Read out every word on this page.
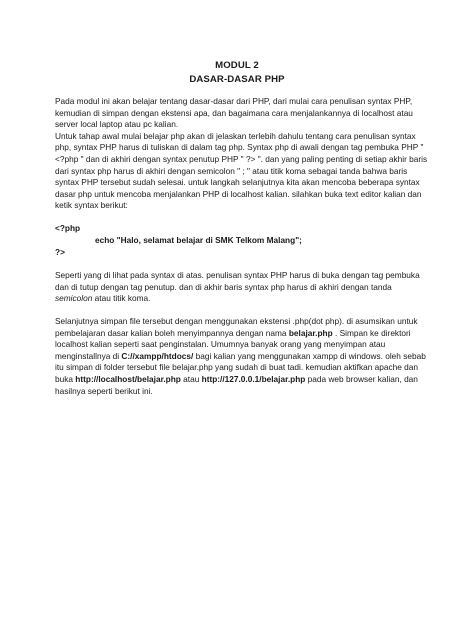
MODUL 2
DASAR-DASAR PHP
Pada modul ini akan belajar tentang dasar-dasar dari PHP, dari mulai cara penulisan syntax PHP, kemudian di simpan dengan ekstensi apa, dan bagaimana cara menjalankannya di localhost atau server local laptop atau pc kalian.
Untuk tahap awal mulai belajar php akan di jelaskan terlebih dahulu tentang cara penulisan syntax php, syntax PHP harus di tuliskan di dalam tag php. Syntax php di awali dengan tag pembuka PHP " <?php " dan di akhiri dengan syntax penutup PHP " ?> ". dan yang paling penting di setiap akhir baris dari syntax php harus di akhiri dengan semicolon " ; " atau titik koma sebagai tanda bahwa baris syntax PHP tersebut sudah selesai. untuk langkah selanjutnya kita akan mencoba beberapa syntax dasar php untuk mencoba menjalankan PHP di localhost kalian. silahkan buka text editor kalian dan ketik syntax berikut:
<?php
echo "Halo, selamat belajar di SMK Telkom Malang";
?>
Seperti yang di lihat pada syntax di atas. penulisan syntax PHP harus di buka dengan tag pembuka dan di tutup dengan tag penutup. dan di akhir baris syntax php harus di akhiri dengan tanda semicolon atau titik koma.
Selanjutnya simpan file tersebut dengan menggunakan ekstensi .php(dot php). di asumsikan untuk pembelajaran dasar kalian boleh menyimpannya dengan nama belajar.php . Simpan ke direktori localhost kalian seperti saat penginstalan. Umumnya banyak orang yang menyimpan atau menginstallnya di C://xampp/htdocs/ bagi kalian yang menggunakan xampp di windows. oleh sebab itu simpan di folder tersebut file belajar.php yang sudah di buat tadi. kemudian aktifkan apache dan buka http://localhost/belajar.php atau http://127.0.0.1/belajar.php pada web browser kalian, dan hasilnya seperti berikut ini.
